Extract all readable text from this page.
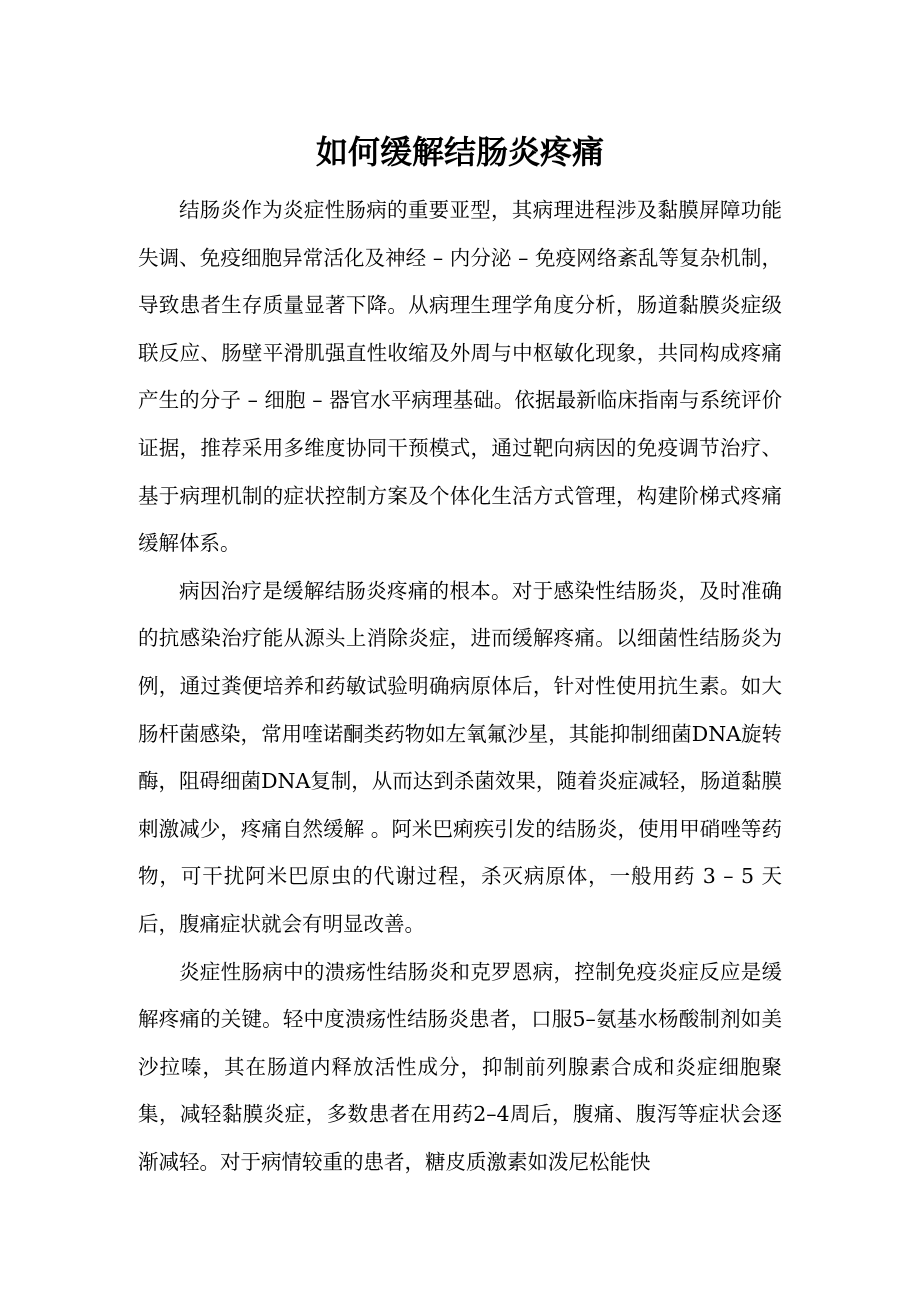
如何缓解结肠炎疼痛

结肠炎作为炎症性肠病的重要亚型，其病理进程涉及黏膜屏障功能失调、免疫细胞异常活化及神经 – 内分泌 – 免疫网络紊乱等复杂机制，导致患者生存质量显著下降。从病理生理学角度分析，肠道黏膜炎症级联反应、肠壁平滑肌强直性收缩及外周与中枢敏化现象，共同构成疼痛产生的分子 – 细胞 – 器官水平病理基础。依据最新临床指南与系统评价证据，推荐采用多维度协同干预模式，通过靶向病因的免疫调节治疗、基于病理机制的症状控制方案及个体化生活方式管理，构建阶梯式疼痛缓解体系。

病因治疗是缓解结肠炎疼痛的根本。对于感染性结肠炎，及时准确的抗感染治疗能从源头上消除炎症，进而缓解疼痛。以细菌性结肠炎为例，通过粪便培养和药敏试验明确病原体后，针对性使用抗生素。如大肠杆菌感染，常用喹诺酮类药物如左氧氟沙星，其能抑制细菌DNA旋转酶，阻碍细菌DNA复制，从而达到杀菌效果，随着炎症减轻，肠道黏膜刺激减少，疼痛自然缓解 。阿米巴痢疾引发的结肠炎，使用甲硝唑等药物，可干扰阿米巴原虫的代谢过程，杀灭病原体，一般用药 3 – 5 天后，腹痛症状就会有明显改善。

炎症性肠病中的溃疡性结肠炎和克罗恩病，控制免疫炎症反应是缓解疼痛的关键。轻中度溃疡性结肠炎患者，口服5–氨基水杨酸制剂如美沙拉嗪，其在肠道内释放活性成分，抑制前列腺素合成和炎症细胞聚集，减轻黏膜炎症，多数患者在用药2–4周后，腹痛、腹泻等症状会逐渐减轻。对于病情较重的患者，糖皮质激素如泼尼松能快
